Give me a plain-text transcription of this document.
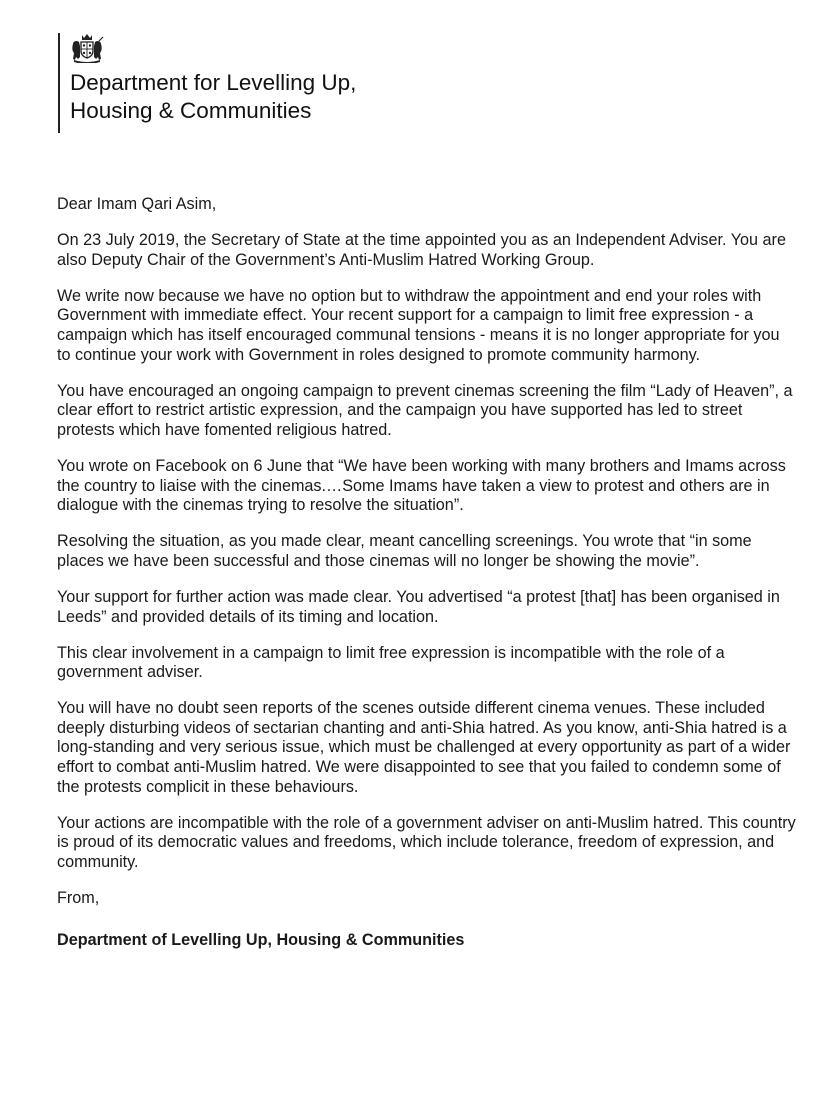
Department for Levelling Up,
Housing & Communities

Dear Imam Qari Asim,

On 23 July 2019, the Secretary of State at the time appointed you as an Independent Adviser. You are also Deputy Chair of the Government’s Anti-Muslim Hatred Working Group.

We write now because we have no option but to withdraw the appointment and end your roles with Government with immediate effect. Your recent support for a campaign to limit free expression - a campaign which has itself encouraged communal tensions - means it is no longer appropriate for you to continue your work with Government in roles designed to promote community harmony.

You have encouraged an ongoing campaign to prevent cinemas screening the film “Lady of Heaven”, a clear effort to restrict artistic expression, and the campaign you have supported has led to street protests which have fomented religious hatred.

You wrote on Facebook on 6 June that “We have been working with many brothers and Imams across the country to liaise with the cinemas.…Some Imams have taken a view to protest and others are in dialogue with the cinemas trying to resolve the situation”.

Resolving the situation, as you made clear, meant cancelling screenings. You wrote that “in some places we have been successful and those cinemas will no longer be showing the movie”.

Your support for further action was made clear. You advertised “a protest [that] has been organised in Leeds” and provided details of its timing and location.

This clear involvement in a campaign to limit free expression is incompatible with the role of a government adviser.

You will have no doubt seen reports of the scenes outside different cinema venues. These included deeply disturbing videos of sectarian chanting and anti-Shia hatred. As you know, anti-Shia hatred is a long-standing and very serious issue, which must be challenged at every opportunity as part of a wider effort to combat anti-Muslim hatred. We were disappointed to see that you failed to condemn some of the protests complicit in these behaviours.

Your actions are incompatible with the role of a government adviser on anti-Muslim hatred. This country is proud of its democratic values and freedoms, which include tolerance, freedom of expression, and community.

From,

Department of Levelling Up, Housing & Communities
